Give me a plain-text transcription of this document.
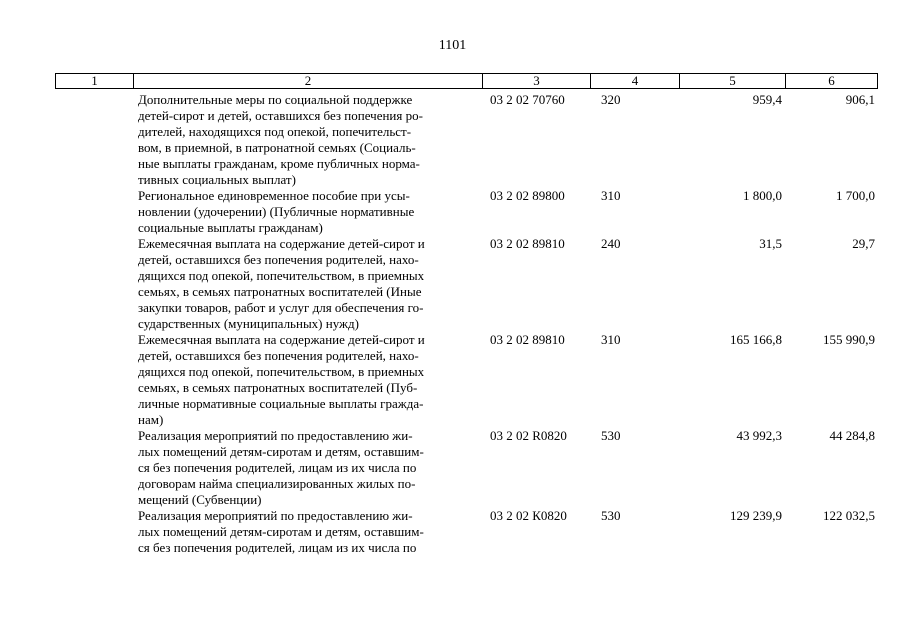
1101
1	2	3	4	5	6
Дополнительные меры по социальной поддержке
детей-сирот и детей, оставшихся без попечения ро-
дителей, находящихся под опекой, попечительст-
вом, в приемной, в патронатной семьях (Социаль-
ные выплаты гражданам, кроме публичных норма-
тивных социальных выплат)
03 2 02 70760	320	959,4	906,1
Региональное единовременное пособие при усы-
новлении (удочерении) (Публичные нормативные
социальные выплаты гражданам)
03 2 02 89800	310	1 800,0	1 700,0
Ежемесячная выплата на содержание детей-сирот и
детей, оставшихся без попечения родителей, нахо-
дящихся под опекой, попечительством, в приемных
семьях, в семьях патронатных воспитателей (Иные
закупки товаров, работ и услуг для обеспечения го-
сударственных (муниципальных) нужд)
03 2 02 89810	240	31,5	29,7
Ежемесячная выплата на содержание детей-сирот и
детей, оставшихся без попечения родителей, нахо-
дящихся под опекой, попечительством, в приемных
семьях, в семьях патронатных воспитателей (Пуб-
личные нормативные социальные выплаты гражда-
нам)
03 2 02 89810	310	165 166,8	155 990,9
Реализация мероприятий по предоставлению жи-
лых помещений детям-сиротам и детям, оставшим-
ся без попечения родителей, лицам из их числа по
договорам найма специализированных жилых по-
мещений (Субвенции)
03 2 02 R0820	530	43 992,3	44 284,8
Реализация мероприятий по предоставлению жи-
лых помещений детям-сиротам и детям, оставшим-
ся без попечения родителей, лицам из их числа по
03 2 02 К0820	530	129 239,9	122 032,5
